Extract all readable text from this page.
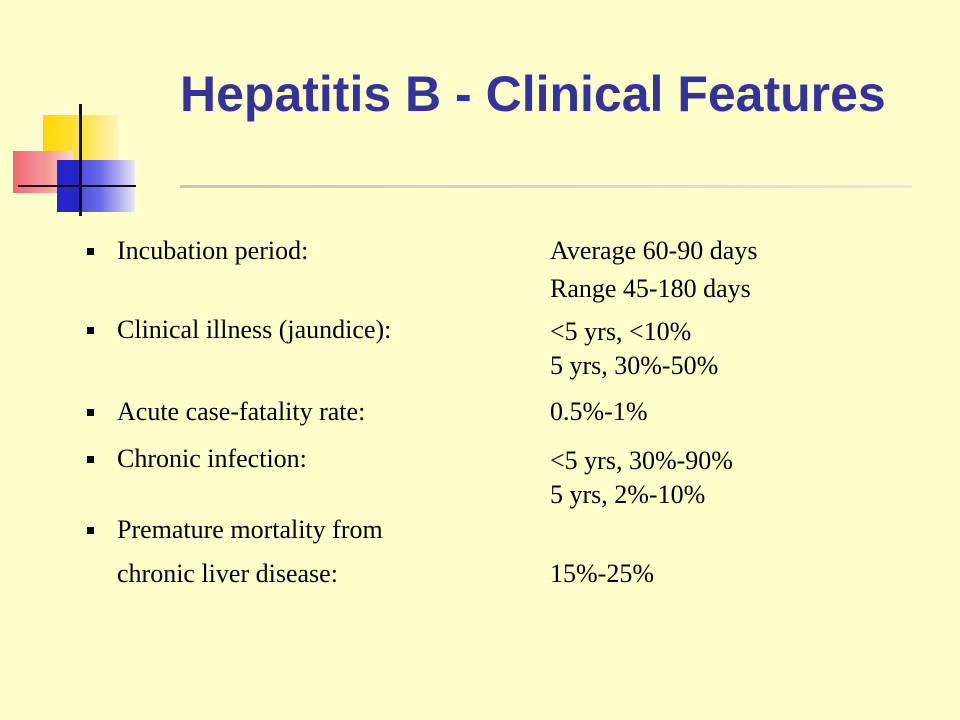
Hepatitis B - Clinical Features
Incubation period:	Average 60-90 days
Range 45-180 days
Clinical illness (jaundice):	<5 yrs, <10%
5 yrs, 30%-50%
Acute case-fatality rate:	0.5%-1%
Chronic infection:	<5 yrs, 30%-90%
5 yrs, 2%-10%
Premature mortality from
chronic liver disease:	15%-25%
